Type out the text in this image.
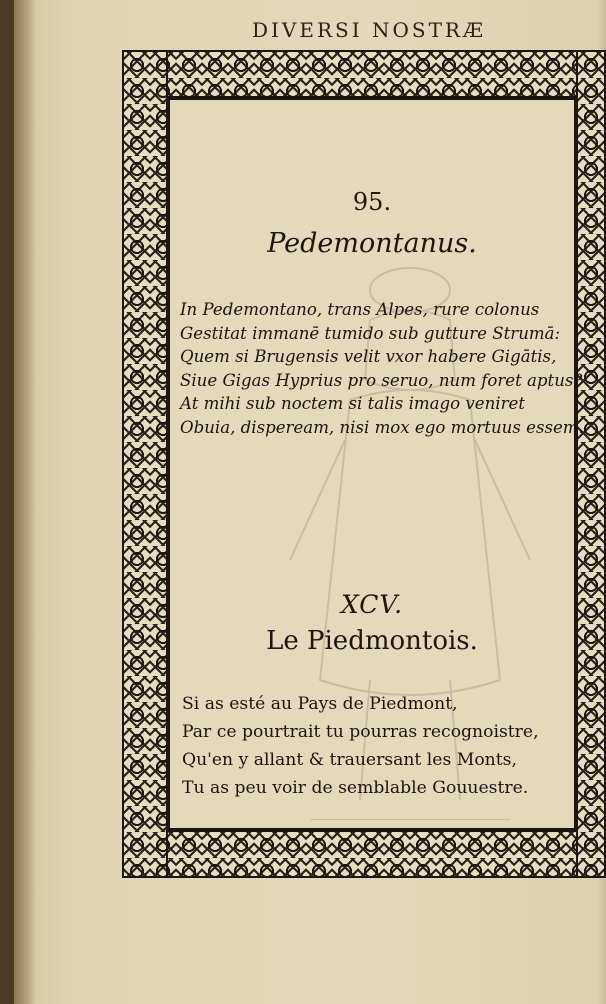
DIVERSI NOSTRÆ
95.
Pedemontanus.
In Pedemontano, trans Alpes, rure colonus
Gestitat immanē tumido sub gutture Strumā:
Quem si Brugensis velit vxor habere Gigātis,
Siue Gigas Hyprius pro seruo, num foret aptus?
At mihi sub noctem si talis imago veniret
Obuia, disperеam, nisi mox ego mortuus essem.
XCV.
Le Piedmontois.
Si as esté au Pays de Piedmont,
Par ce pourtrait tu pourras recognoistre,
Qu'en y allant & trauersant les Monts,
Tu as peu voir de semblable Gouuestre.
